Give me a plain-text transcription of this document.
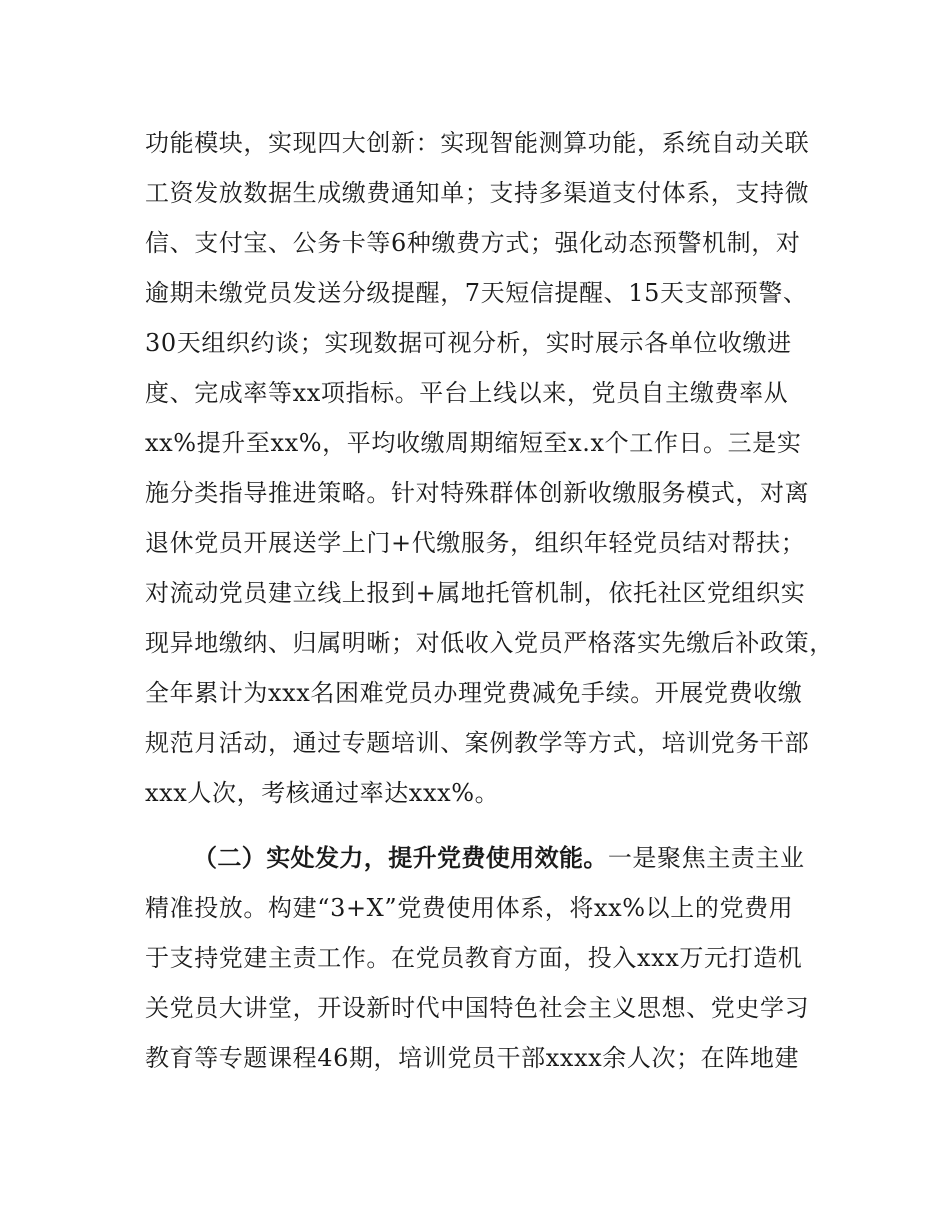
功能模块，实现四大创新：实现智能测算功能，系统自动关联
工资发放数据生成缴费通知单；支持多渠道支付体系，支持微
信、支付宝、公务卡等6种缴费方式；强化动态预警机制，对
逾期未缴党员发送分级提醒，7天短信提醒、15天支部预警、
30天组织约谈；实现数据可视分析，实时展示各单位收缴进
度、完成率等xx项指标。平台上线以来，党员自主缴费率从
xx%提升至xx%，平均收缴周期缩短至x.x个工作日。三是实
施分类指导推进策略。针对特殊群体创新收缴服务模式，对离
退休党员开展送学上门+代缴服务，组织年轻党员结对帮扶；
对流动党员建立线上报到+属地托管机制，依托社区党组织实
现异地缴纳、归属明晰；对低收入党员严格落实先缴后补政策，
全年累计为xxx名困难党员办理党费减免手续。开展党费收缴
规范月活动，通过专题培训、案例教学等方式，培训党务干部
xxx人次，考核通过率达xxx%。
（二）实处发力，提升党费使用效能。一是聚焦主责主业
精准投放。构建“3+X”党费使用体系，将xx%以上的党费用
于支持党建主责工作。在党员教育方面，投入xxx万元打造机
关党员大讲堂，开设新时代中国特色社会主义思想、党史学习
教育等专题课程46期，培训党员干部xxxx余人次；在阵地建
